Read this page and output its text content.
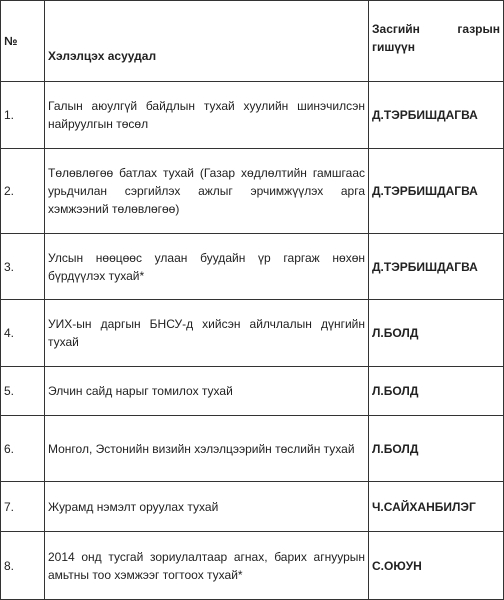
№	Хэлэлцэх асуудал	Засгийн газрын гишүүн
1.	Галын аюулгүй байдлын тухай хуулийн шинэчилсэн найруулгын төсөл	Д.ТЭРБИШДАГВА
2.	Төлөвлөгөө батлах тухай (Газар хөдлөлтийн гамшгаас урьдчилан сэргийлэх ажлыг эрчимжүүлэх арга хэмжээний төлөвлөгөө)	Д.ТЭРБИШДАГВА
3.	Улсын нөөцөөс улаан буудайн үр гаргаж нөхөн бүрдүүлэх тухай*	Д.ТЭРБИШДАГВА
4.	УИХ-ын даргын БНСУ-д хийсэн айлчлалын дүнгийн тухай	Л.БОЛД
5.	Элчин сайд нарыг томилох тухай	Л.БОЛД
6.	Монгол, Эстонийн визийн хэлэлцээрийн төслийн тухай	Л.БОЛД
7.	Журамд нэмэлт оруулах тухай	Ч.САЙХАНБИЛЭГ
8.	2014 онд тусгай зориулалтаар агнах, барих агнуурын амьтны тоо хэмжээг тогтоох тухай*	С.ОЮУН
